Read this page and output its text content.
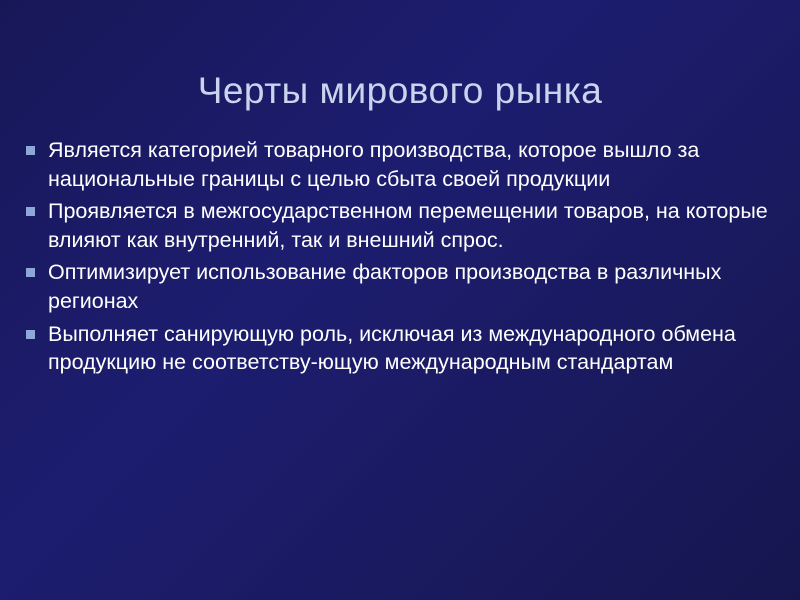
Черты мирового рынка
Является категорией товарного производства, которое вышло за национальные границы с целью сбыта своей продукции
Проявляется в межгосударственном перемещении товаров, на которые влияют как внутренний, так и внешний спрос.
Оптимизирует использование факторов производства в различных регионах
Выполняет санирующую роль, исключая из международного обмена продукцию не соответству-ющую международным стандартам
